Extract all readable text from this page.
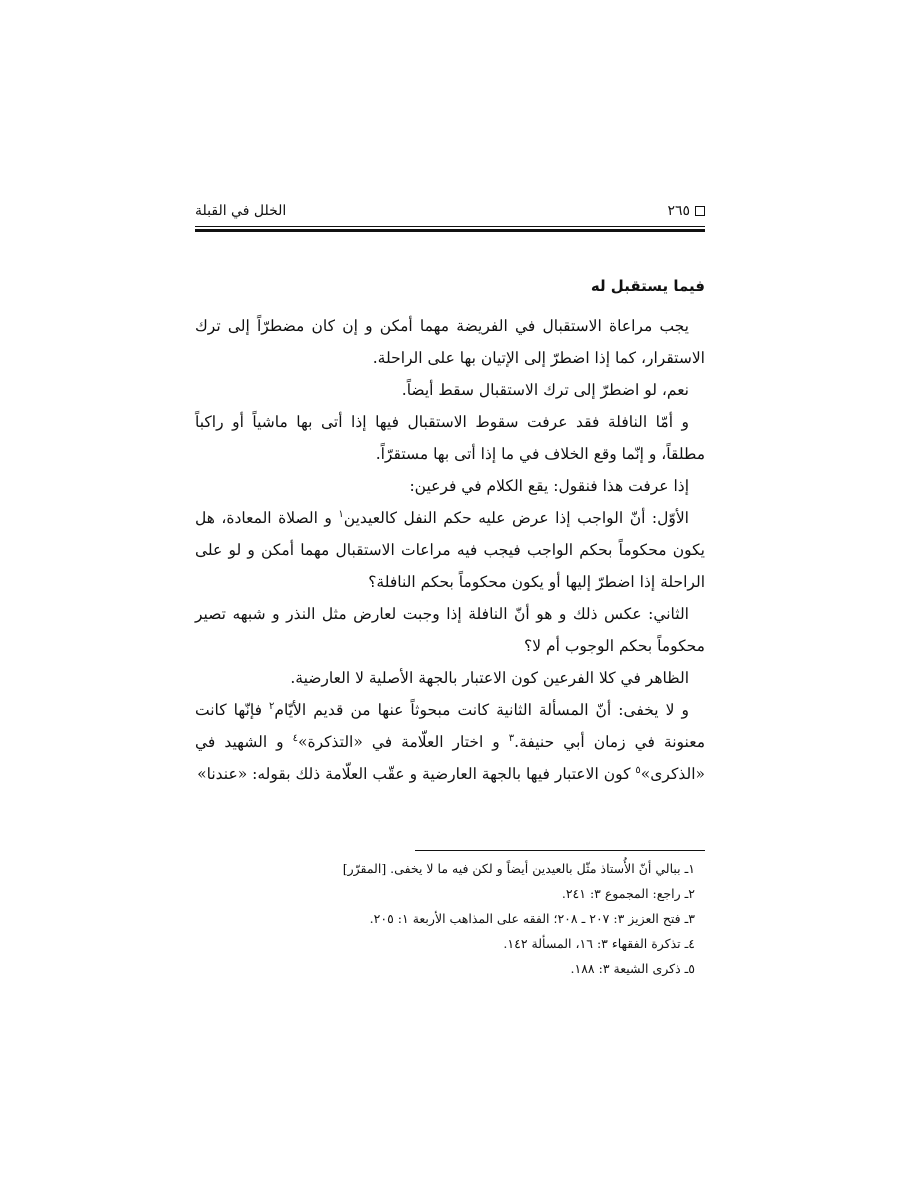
الخلل في القبلة	٢٦٥

فيما يستقبل له

يجب مراعاة الاستقبال في الفريضة مهما أمكن و إن كان مضطرّاً إلى ترك الاستقرار، كما إذا اضطرّ إلى الإتيان بها على الراحلة.

نعم، لو اضطرّ إلى ترك الاستقبال سقط أيضاً.

و أمّا النافلة فقد عرفت سقوط الاستقبال فيها إذا أتى بها ماشياً أو راكباً مطلقاً، و إنّما وقع الخلاف في ما إذا أتى بها مستقرّاً.

إذا عرفت هذا فنقول: يقع الكلام في فرعين:

الأوّل: أنّ الواجب إذا عرض عليه حكم النفل كالعيدين$^١$ و الصلاة المعادة، هل يكون محكوماً بحكم الواجب فيجب فيه مراعات الاستقبال مهما أمكن و لو على الراحلة إذا اضطرّ إليها أو يكون محكوماً بحكم النافلة؟

الثاني: عكس ذلك و هو أنّ النافلة إذا وجبت لعارض مثل النذر و شبهه تصير محكوماً بحكم الوجوب أم لا؟

الظاهر في كلا الفرعين كون الاعتبار بالجهة الأصلية لا العارضية.

و لا يخفى: أنّ المسألة الثانية كانت مبحوثاً عنها من قديم الأيّام$^٢$ فإنّها كانت معنونة في زمان أبي حنيفة.$^٣$ و اختار العلّامة في «التذكرة»$^٤$ و الشهيد في «الذكرى»$^٥$ كون الاعتبار فيها بالجهة العارضية و عقّب العلّامة ذلك بقوله: «عندنا»

١ـ ببالي أنّ الأُستاذ مثّل بالعيدين أيضاً و لكن فيه ما لا يخفى. [المقرّر]

٢ـ راجع: المجموع ٣: ٢٤١.

٣ـ فتح العزيز ٣: ٢٠٧ ـ ٢٠٨؛ الفقه على المذاهب الأربعة ١: ٢٠٥.

٤ـ تذكرة الفقهاء ٣: ١٦، المسألة ١٤٢.

٥ـ ذكرى الشيعة ٣: ١٨٨.
